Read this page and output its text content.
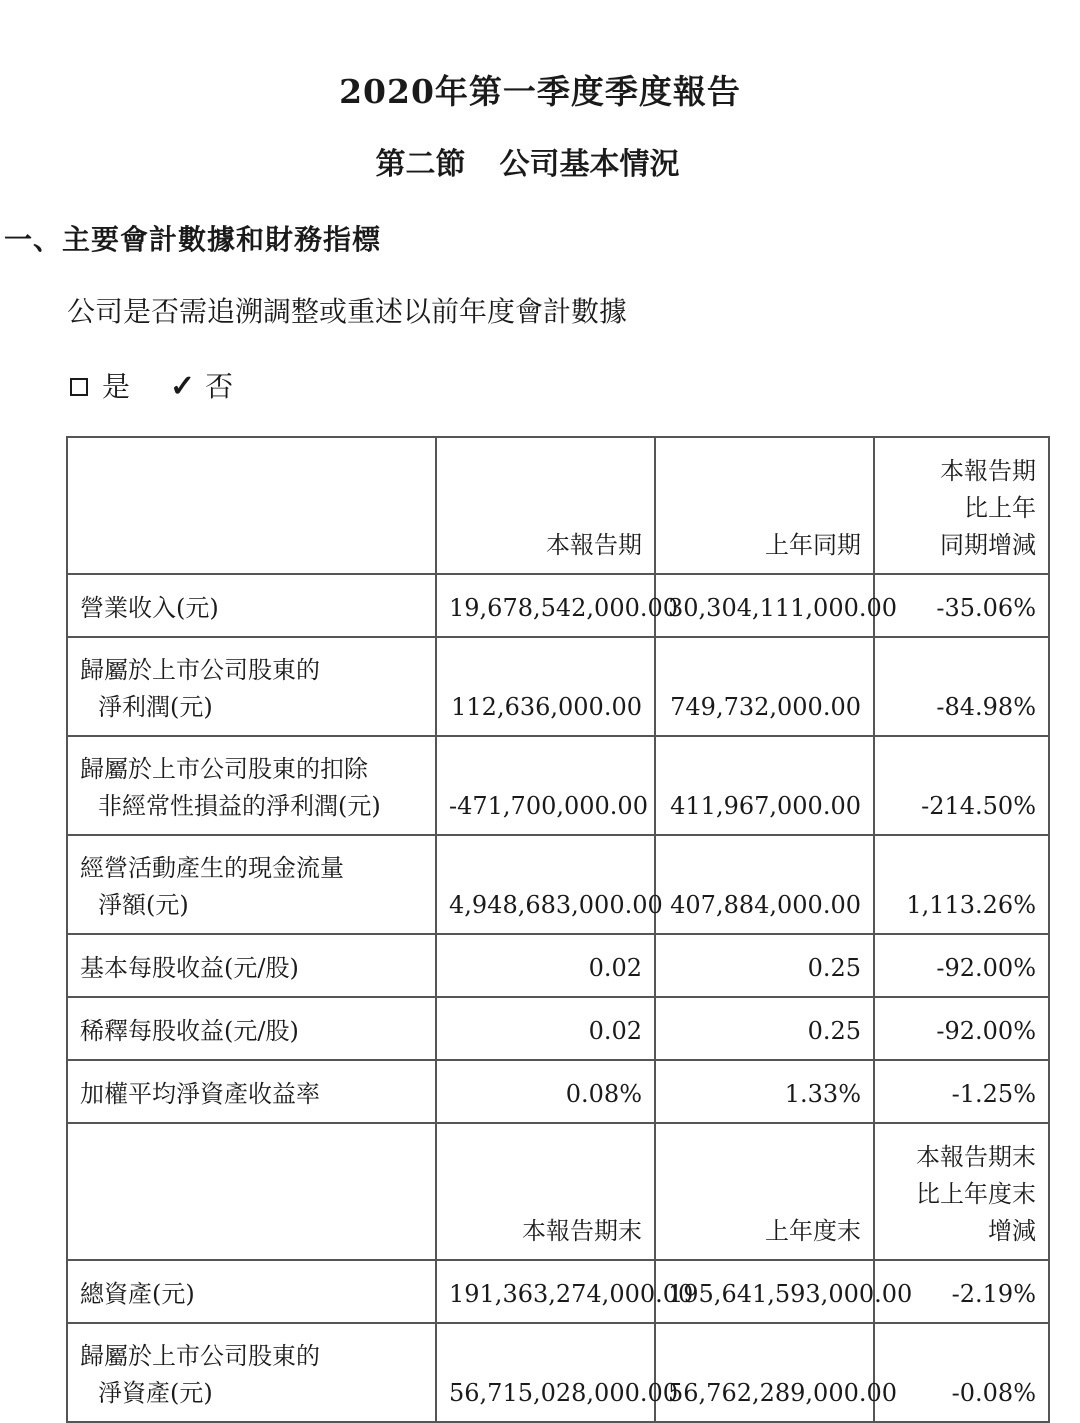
2020年第一季度季度報告
第二節 公司基本情況
一、主要會計數據和財務指標
公司是否需追溯調整或重述以前年度會計數據
是 ✓ 否
	本報告期	上年同期	本報告期
比上年
同期增減

營業收入(元)	19,678,542,000.00	30,304,111,000.00	-35.06%

歸屬於上市公司股東的
淨利潤(元)	112,636,000.00	749,732,000.00	-84.98%

歸屬於上市公司股東的扣除
非經常性損益的淨利潤(元)	-471,700,000.00	411,967,000.00	-214.50%

經營活動產生的現金流量
淨額(元)	4,948,683,000.00	407,884,000.00	1,113.26%
基本每股收益(元/股)	0.02	0.25	-92.00%
稀釋每股收益(元/股)	0.02	0.25	-92.00%
加權平均淨資產收益率	0.08%	1.33%	-1.25%
	本報告期末	上年度末	本報告期末
比上年度末
增減

總資產(元)	191,363,274,000.00	195,641,593,000.00	-2.19%

歸屬於上市公司股東的
淨資產(元)	56,715,028,000.00	56,762,289,000.00	-0.08%
